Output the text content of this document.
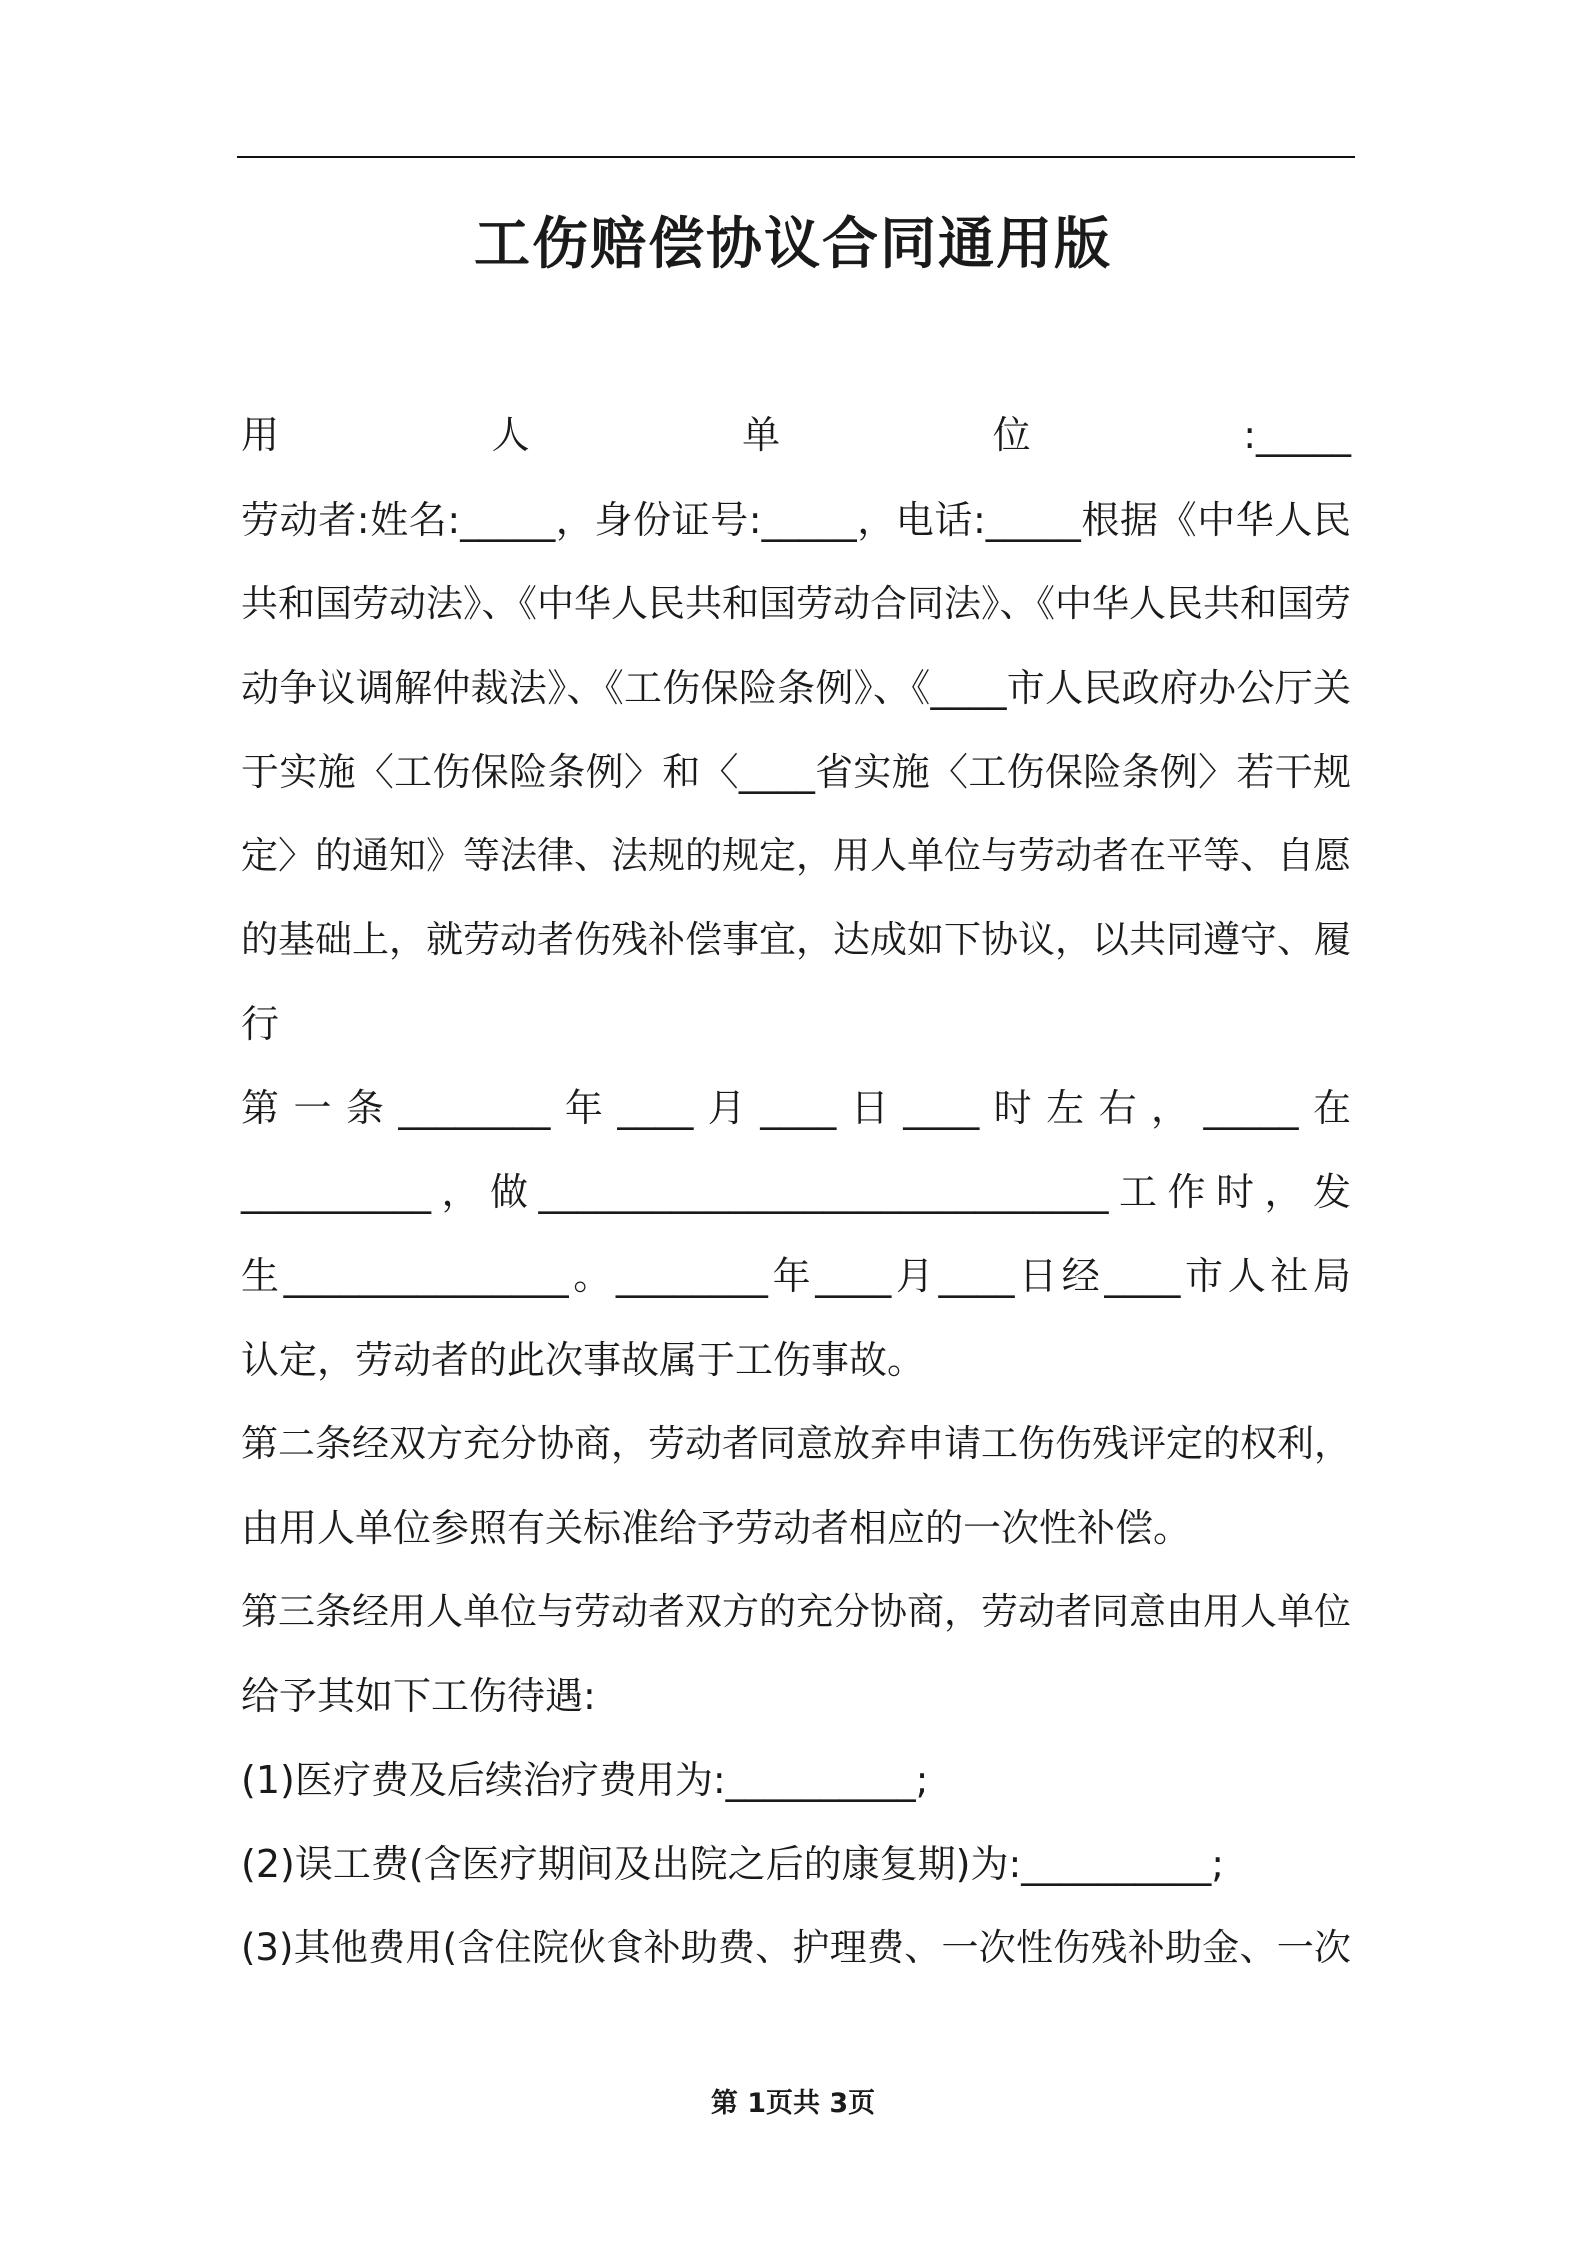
工伤赔偿协议合同通用版
用人单位:_____
劳动者:姓名:_____，身份证号:_____，电话:_____根据《中华人民
共和国劳动法》、《中华人民共和国劳动合同法》、《中华人民共和国劳
动争议调解仲裁法》、《工伤保险条例》、《____市人民政府办公厅关
于实施〈工伤保险条例〉和〈____省实施〈工伤保险条例〉若干规
定〉的通知》等法律、法规的规定，用人单位与劳动者在平等、自愿
的基础上，就劳动者伤残补偿事宜，达成如下协议，以共同遵守、履
行
第一条________年____月____日____时左右，_____在
__________，做______________________________工作时，发
生_______________。________年____月____日经____市人社局
认定，劳动者的此次事故属于工伤事故。
第二条经双方充分协商，劳动者同意放弃申请工伤伤残评定的权利，
由用人单位参照有关标准给予劳动者相应的一次性补偿。
第三条经用人单位与劳动者双方的充分协商，劳动者同意由用人单位
给予其如下工伤待遇:
(1)医疗费及后续治疗费用为:__________;
(2)误工费(含医疗期间及出院之后的康复期)为:__________;
(3)其他费用(含住院伙食补助费、护理费、一次性伤残补助金、一次
第 1页共 3页
